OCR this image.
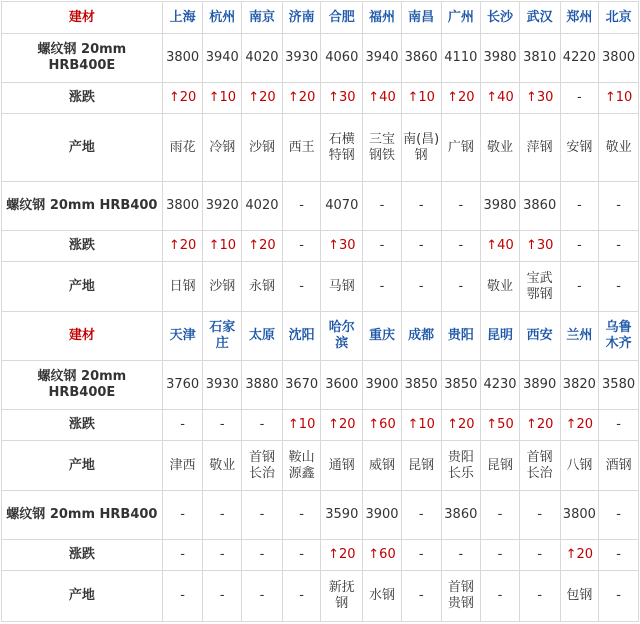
建材	上海	杭州	南京	济南	合肥	福州	南昌	广州	长沙	武汉	郑州	北京
螺纹钢 20mm HRB400E	3800	3940	4020	3930	4060	3940	3860	4110	3980	3810	4220	3800
涨跌	↑20	↑10	↑20	↑20	↑30	↑40	↑10	↑20	↑40	↑30	-	↑10
产地	雨花	冷钢	沙钢	西王	石横特钢	三宝钢铁	南(昌)钢	广钢	敬业	萍钢	安钢	敬业
螺纹钢 20mm HRB400	3800	3920	4020	-	4070	-	-	-	3980	3860	-	-
涨跌	↑20	↑10	↑20	-	↑30	-	-	-	↑40	↑30	-	-
产地	日钢	沙钢	永钢	-	马钢	-	-	-	敬业	宝武鄂钢	-	-
建材	天津	石家庄	太原	沈阳	哈尔滨	重庆	成都	贵阳	昆明	西安	兰州	乌鲁木齐
螺纹钢 20mm HRB400E	3760	3930	3880	3670	3600	3900	3850	3850	4230	3890	3820	3580
涨跌	-	-	-	↑10	↑20	↑60	↑10	↑20	↑50	↑20	↑20	-
产地	津西	敬业	首钢长治	鞍山源鑫	通钢	威钢	昆钢	贵阳长乐	昆钢	首钢长治	八钢	酒钢
螺纹钢 20mm HRB400	-	-	-	-	3590	3900	-	3860	-	-	3800	-
涨跌	-	-	-	-	↑20	↑60	-	-	-	-	↑20	-
产地	-	-	-	-	新抚钢	水钢	-	首钢贵钢	-	-	包钢	-
